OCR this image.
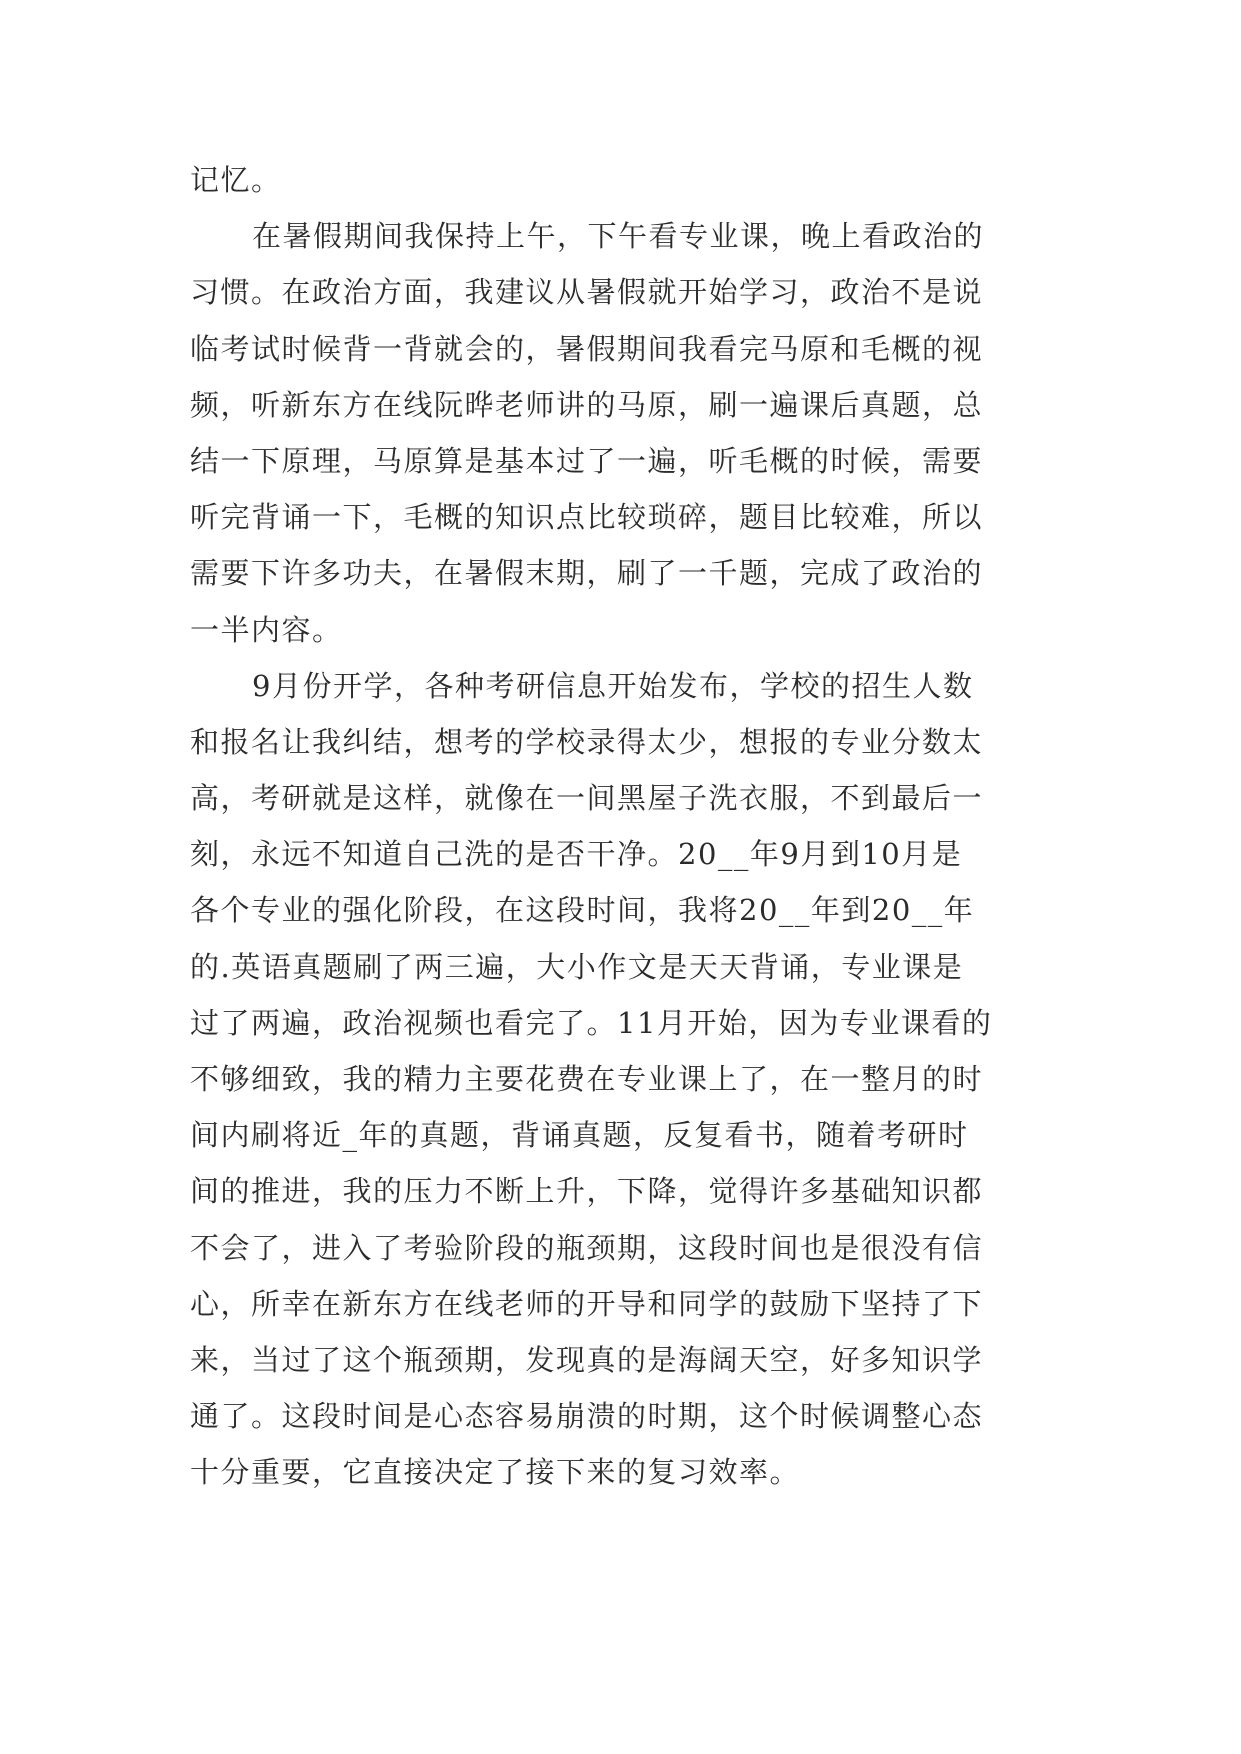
记忆。
在暑假期间我保持上午，下午看专业课，晚上看政治的
习惯。在政治方面，我建议从暑假就开始学习，政治不是说
临考试时候背一背就会的，暑假期间我看完马原和毛概的视
频，听新东方在线阮晔老师讲的马原，刷一遍课后真题，总
结一下原理，马原算是基本过了一遍，听毛概的时候，需要
听完背诵一下，毛概的知识点比较琐碎，题目比较难，所以
需要下许多功夫，在暑假末期，刷了一千题，完成了政治的
一半内容。
9月份开学，各种考研信息开始发布，学校的招生人数
和报名让我纠结，想考的学校录得太少，想报的专业分数太
高，考研就是这样，就像在一间黑屋子洗衣服，不到最后一
刻，永远不知道自己洗的是否干净。20__年9月到10月是
各个专业的强化阶段，在这段时间，我将20__年到20__年
的.英语真题刷了两三遍，大小作文是天天背诵，专业课是
过了两遍，政治视频也看完了。11月开始，因为专业课看的
不够细致，我的精力主要花费在专业课上了，在一整月的时
间内刷将近_年的真题，背诵真题，反复看书，随着考研时
间的推进，我的压力不断上升，下降，觉得许多基础知识都
不会了，进入了考验阶段的瓶颈期，这段时间也是很没有信
心，所幸在新东方在线老师的开导和同学的鼓励下坚持了下
来，当过了这个瓶颈期，发现真的是海阔天空，好多知识学
通了。这段时间是心态容易崩溃的时期，这个时候调整心态
十分重要，它直接决定了接下来的复习效率。
